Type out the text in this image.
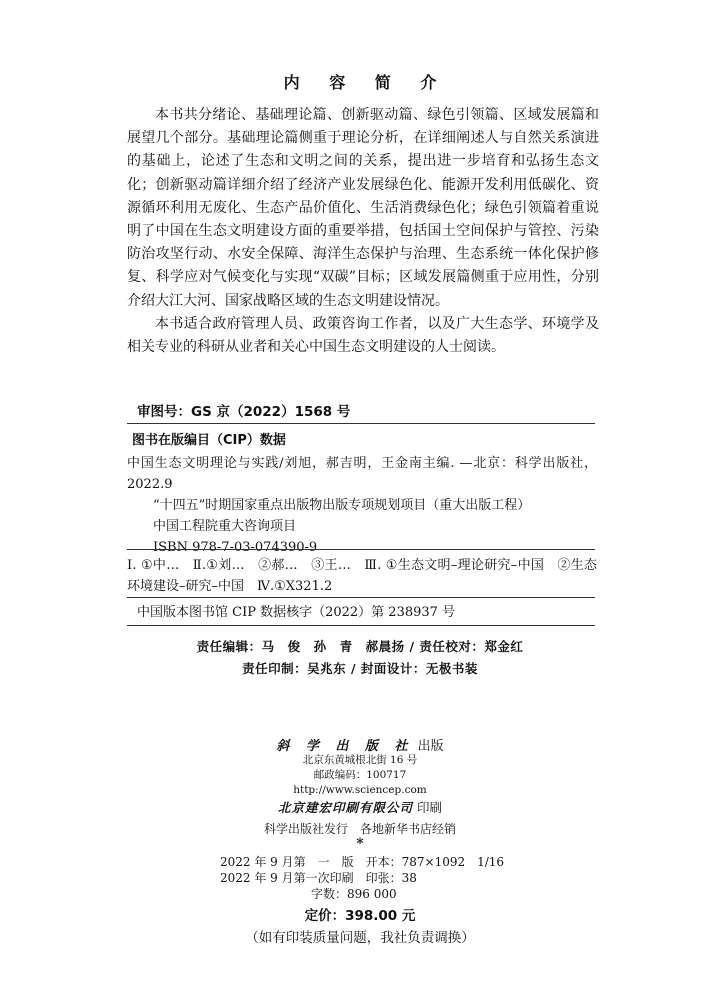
内 容 简 介

本书共分绪论、基础理论篇、创新驱动篇、绿色引领篇、区域发展篇和展望几个部分。基础理论篇侧重于理论分析，在详细阐述人与自然关系演进的基础上，论述了生态和文明之间的关系，提出进一步培育和弘扬生态文化；创新驱动篇详细介绍了经济产业发展绿色化、能源开发利用低碳化、资源循环利用无废化、生态产品价值化、生活消费绿色化；绿色引领篇着重说明了中国在生态文明建设方面的重要举措，包括国土空间保护与管控、污染防治攻坚行动、水安全保障、海洋生态保护与治理、生态系统一体化保护修复、科学应对气候变化与实现“双碳”目标；区域发展篇侧重于应用性，分别介绍大江大河、国家战略区域的生态文明建设情况。

本书适合政府管理人员、政策咨询工作者，以及广大生态学、环境学及相关专业的科研从业者和关心中国生态文明建设的人士阅读。

审图号：GS 京（2022）1568 号
图书在版编目（CIP）数据
中国生态文明理论与实践/刘旭，郝吉明，王金南主编. —北京：科学出版社，2022.9
“十四五”时期国家重点出版物出版专项规划项目（重大出版工程）
中国工程院重大咨询项目
ISBN 978-7-03-074390-9
Ⅰ. ①中…　Ⅱ.①刘…　②郝…　③王…　Ⅲ. ①生态文明–理论研究–中国　②生态环境建设–研究–中国　Ⅳ.①X321.2
中国版本图书馆 CIP 数据核字（2022）第 238937 号
责任编辑：马　俊　孙　青　郝晨扬 / 责任校对：郑金红
责任印制：吴兆东 / 封面设计：无极书装
斜 学 出 版 社 出版
北京东黄城根北街 16 号
邮政编码：100717
http://www.sciencep.com
北京建宏印刷有限公司 印刷
科学出版社发行　各地新华书店经销
*
2022 年 9 月第　一　版　开本：787×1092　1/16
2022 年 9 月第一次印刷　印张：38
字数：896 000
定价：398.00 元
（如有印装质量问题，我社负责调换）
